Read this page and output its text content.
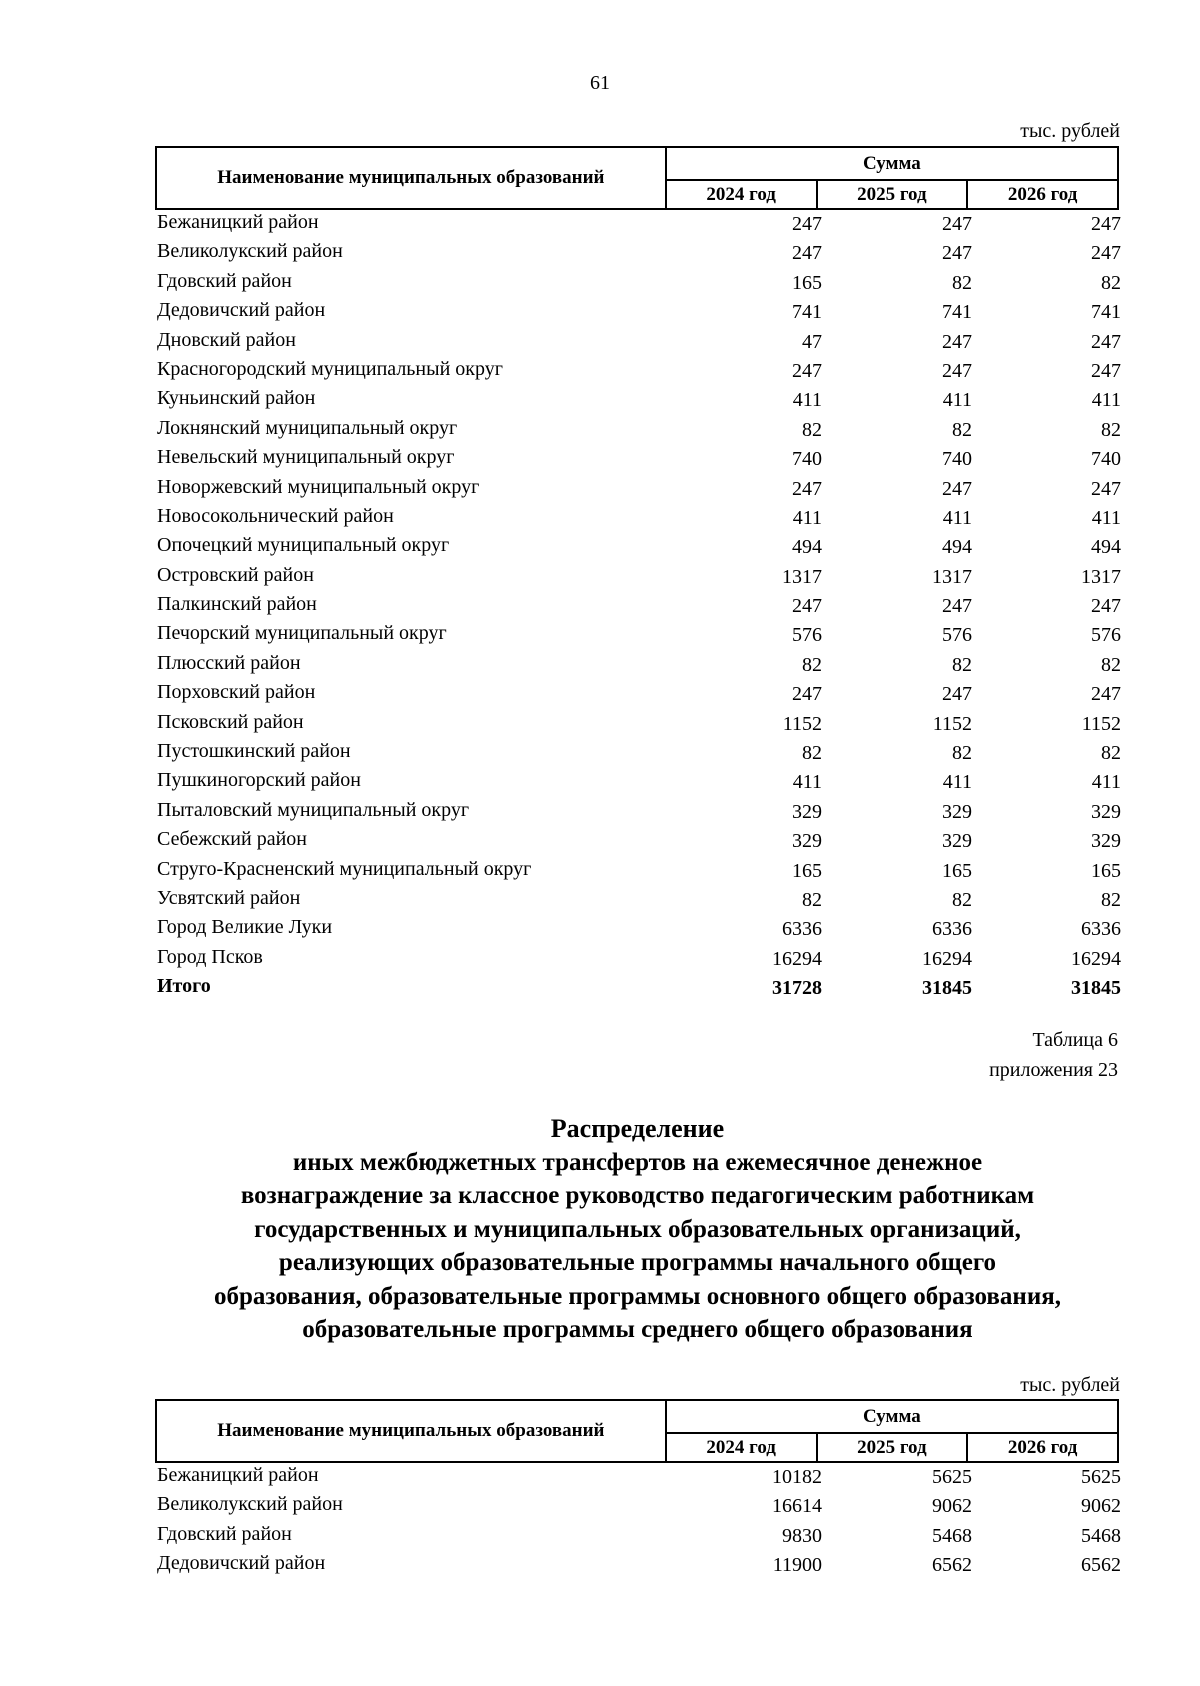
61
тыс. рублей
Наименование муниципальных образований	Сумма		
	2024 год	2025 год	2026 год
Бежаницкий район	247	247	247
Великолукский район	247	247	247
Гдовский район	165	82	82
Дедовичский район	741	741	741
Дновский район	47	247	247
Красногородский муниципальный округ	247	247	247
Куньинский район	411	411	411
Локнянский муниципальный округ	82	82	82
Невельский муниципальный округ	740	740	740
Новоржевский муниципальный округ	247	247	247
Новосокольнический район	411	411	411
Опочецкий муниципальный округ	494	494	494
Островский район	1317	1317	1317
Палкинский район	247	247	247
Печорский муниципальный округ	576	576	576
Плюсский район	82	82	82
Порховский район	247	247	247
Псковский район	1152	1152	1152
Пустошкинский район	82	82	82
Пушкиногорский район	411	411	411
Пыталовский муниципальный округ	329	329	329
Себежский район	329	329	329
Струго-Красненский муниципальный округ	165	165	165
Усвятский район	82	82	82
Город Великие Луки	6336	6336	6336
Город Псков	16294	16294	16294
Итого	31728	31845	31845
Таблица 6
приложения 23
Распределение
иных межбюджетных трансфертов на ежемесячное денежное
вознаграждение за классное руководство педагогическим работникам
государственных и муниципальных образовательных организаций,
реализующих образовательные программы начального общего
образования, образовательные программы основного общего образования,
образовательные программы среднего общего образования
тыс. рублей
Наименование муниципальных образований	Сумма		
	2024 год	2025 год	2026 год
Бежаницкий район	10182	5625	5625
Великолукский район	16614	9062	9062
Гдовский район	9830	5468	5468
Дедовичский район	11900	6562	6562
